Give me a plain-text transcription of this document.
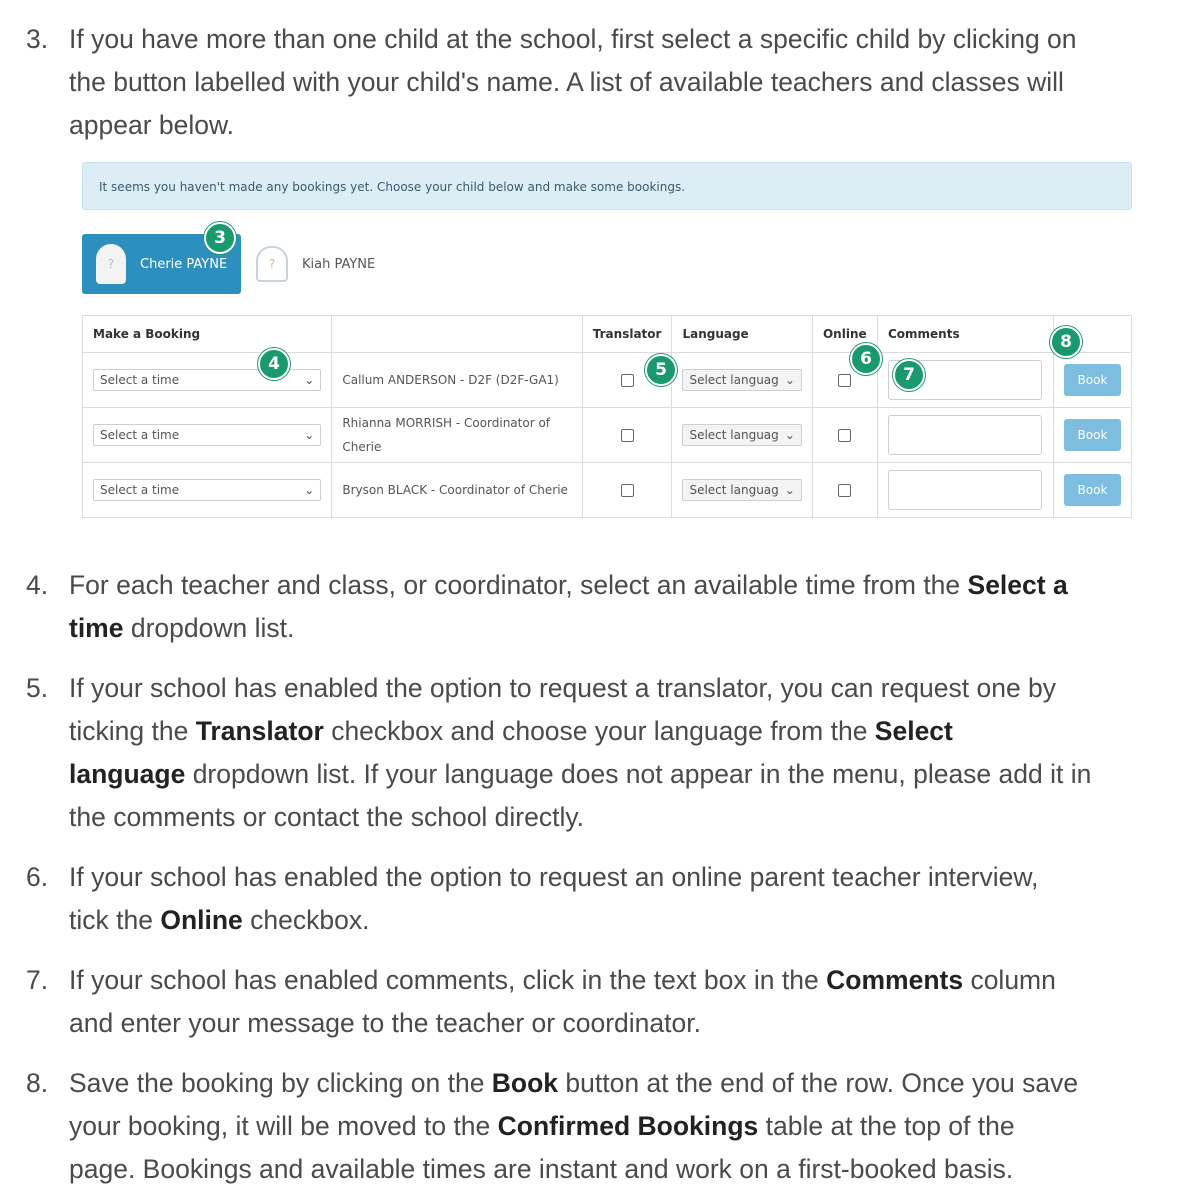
3. If you have more than one child at the school, first select a specific child by clicking on
the button labelled with your child's name. A list of available teachers and classes will
appear below.
It seems you haven't made any bookings yet. Choose your child below and make some bookings.
?	Cherie PAYNE
3
?	Kiah PAYNE
Make a Booking		Translator	Language	Online	Comments	

Select a time ⌄	Callum ANDERSON - D2F (D2F-GA1)		Select languag ⌄			Book

Select a time ⌄	Rhianna MORRISH - Coordinator of Cherie		Select languag ⌄			Book

Select a time ⌄	Bryson BLACK - Coordinator of Cherie		Select languag ⌄			Book
4	5
6
7
8
4. For each teacher and class, or coordinator, select an available time from the Select a
time dropdown list.
5. If your school has enabled the option to request a translator, you can request one by
ticking the Translator checkbox and choose your language from the Select
language dropdown list. If your language does not appear in the menu, please add it in
the comments or contact the school directly.
6. If your school has enabled the option to request an online parent teacher interview,
tick the Online checkbox.
7. If your school has enabled comments, click in the text box in the Comments column
and enter your message to the teacher or coordinator.
8. Save the booking by clicking on the Book button at the end of the row. Once you save
your booking, it will be moved to the Confirmed Bookings table at the top of the
page. Bookings and available times are instant and work on a first-booked basis.
